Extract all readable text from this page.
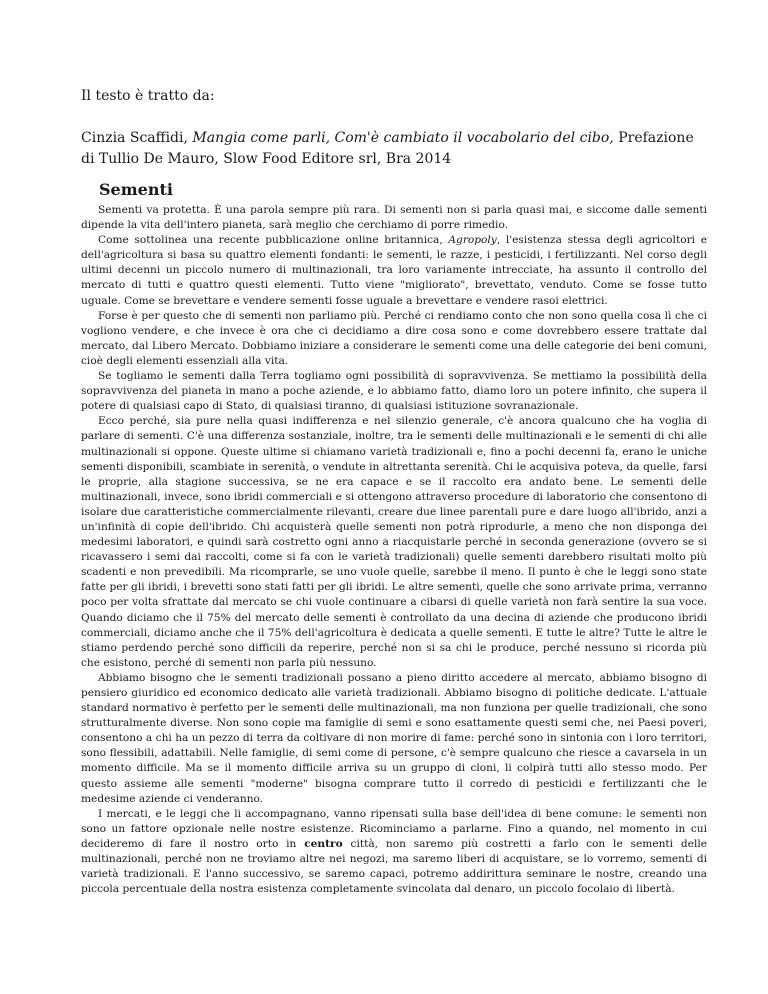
Il testo è tratto da:
Cinzia Scaffidi, Mangia come parli, Com'è cambiato il vocabolario del cibo, Prefazione di Tullio De Mauro, Slow Food Editore srl, Bra 2014
Sementi

Sementi va protetta. È una parola sempre più rara. Di sementi non si parla quasi mai, e siccome dalle sementi dipende la vita dell'intero pianeta, sarà meglio che cerchiamo di porre rimedio.

Come sottolinea una recente pubblicazione online britannica, Agropoly, l'esistenza stessa degli agricoltori e dell'agricoltura si basa su quattro elementi fondanti: le sementi, le razze, i pesticidi, i fertilizzanti. Nel corso degli ultimi decenni un piccolo numero di multinazionali, tra loro variamente intrecciate, ha assunto il controllo del mercato di tutti e quattro questi elementi. Tutto viene "migliorato", brevettato, venduto. Come se fosse tutto uguale. Come se brevettare e vendere sementi fosse uguale a brevettare e vendere rasoi elettrici.

Forse è per questo che di sementi non parliamo più. Perché ci rendiamo conto che non sono quella cosa lì che ci vogliono vendere, e che invece è ora che ci decidiamo a dire cosa sono e come dovrebbero essere trattate dal mercato, dal Libero Mercato. Dobbiamo iniziare a considerare le sementi come una delle categorie dei beni comuni, cioè degli elementi essenziali alla vita.

Se togliamo le sementi dalla Terra togliamo ogni possibilità di sopravvivenza. Se mettiamo la possibilità della sopravvivenza del pianeta in mano a poche aziende, e lo abbiamo fatto, diamo loro un potere infinito, che supera il potere di qualsiasi capo di Stato, di qualsiasi tiranno, di qualsiasi istituzione sovranazionale.

Ecco perché, sia pure nella quasi indifferenza e nel silenzio generale, c'è ancora qualcuno che ha voglia di parlare di sementi. C'è una differenza sostanziale, inoltre, tra le sementi delle multinazionali e le sementi di chi alle multinazionali si oppone. Queste ultime si chiamano varietà tradizionali e, fino a pochi decenni fa, erano le uniche sementi disponibili, scambiate in serenità, o vendute in altrettanta serenità. Chi le acquisiva poteva, da quelle, farsi le proprie, alla stagione successiva, se ne era capace e se il raccolto era andato bene. Le sementi delle multinazionali, invece, sono ibridi commerciali e si ottengono attraverso procedure di laboratorio che consentono di isolare due caratteristiche commercialmente rilevanti, creare due linee parentali pure e dare luogo all'ibrido, anzi a un'infinità di copie dell'ibrido. Chi acquisterà quelle sementi non potrà riprodurle, a meno che non disponga dei medesimi laboratori, e quindi sarà costretto ogni anno a riacquistarle perché in seconda generazione (ovvero se si ricavassero i semi dai raccolti, come si fa con le varietà tradizionali) quelle sementi darebbero risultati molto più scadenti e non prevedibili. Ma ricomprarle, se uno vuole quelle, sarebbe il meno. Il punto è che le leggi sono state fatte per gli ibridi, i brevetti sono stati fatti per gli ibridi. Le altre sementi, quelle che sono arrivate prima, verranno poco per volta sfrattate dal mercato se chi vuole continuare a cibarsi di quelle varietà non farà sentire la sua voce. Quando diciamo che il 75% del mercato delle sementi è controllato da una decina di aziende che producono ibridi commerciali, diciamo anche che il 75% dell'agricoltura è dedicata a quelle sementi. E tutte le altre? Tutte le altre le stiamo perdendo perché sono difficili da reperire, perché non si sa chi le produce, perché nessuno si ricorda più che esistono, perché di sementi non parla più nessuno.

Abbiamo bisogno che le sementi tradizionali possano a pieno diritto accedere al mercato, abbiamo bisogno di pensiero giuridico ed economico dedicato alle varietà tradizionali. Abbiamo bisogno di politiche dedicate. L'attuale standard normativo è perfetto per le sementi delle multinazionali, ma non funziona per quelle tradizionali, che sono strutturalmente diverse. Non sono copie ma famiglie di semi e sono esattamente questi semi che, nei Paesi poveri, consentono a chi ha un pezzo di terra da coltivare di non morire di fame: perché sono in sintonia con i loro territori, sono flessibili, adattabili. Nelle famiglie, di semi come di persone, c'è sempre qualcuno che riesce a cavarsela in un momento difficile. Ma se il momento difficile arriva su un gruppo di cloni, li colpirà tutti allo stesso modo. Per questo assieme alle sementi "moderne" bisogna comprare tutto il corredo di pesticidi e fertilizzanti che le medesime aziende ci venderanno.

I mercati, e le leggi che li accompagnano, vanno ripensati sulla base dell'idea di bene comune: le sementi non sono un fattore opzionale nelle nostre esistenze. Ricominciamo a parlarne. Fino a quando, nel momento in cui decideremo di fare il nostro orto in centro città, non saremo più costretti a farlo con le sementi delle multinazionali, perché non ne troviamo altre nei negozi, ma saremo liberi di acquistare, se lo vorremo, sementi di varietà tradizionali. E l'anno successivo, se saremo capaci, potremo addirittura seminare le nostre, creando una piccola percentuale della nostra esistenza completamente svincolata dal denaro, un piccolo focolaio di libertà.
